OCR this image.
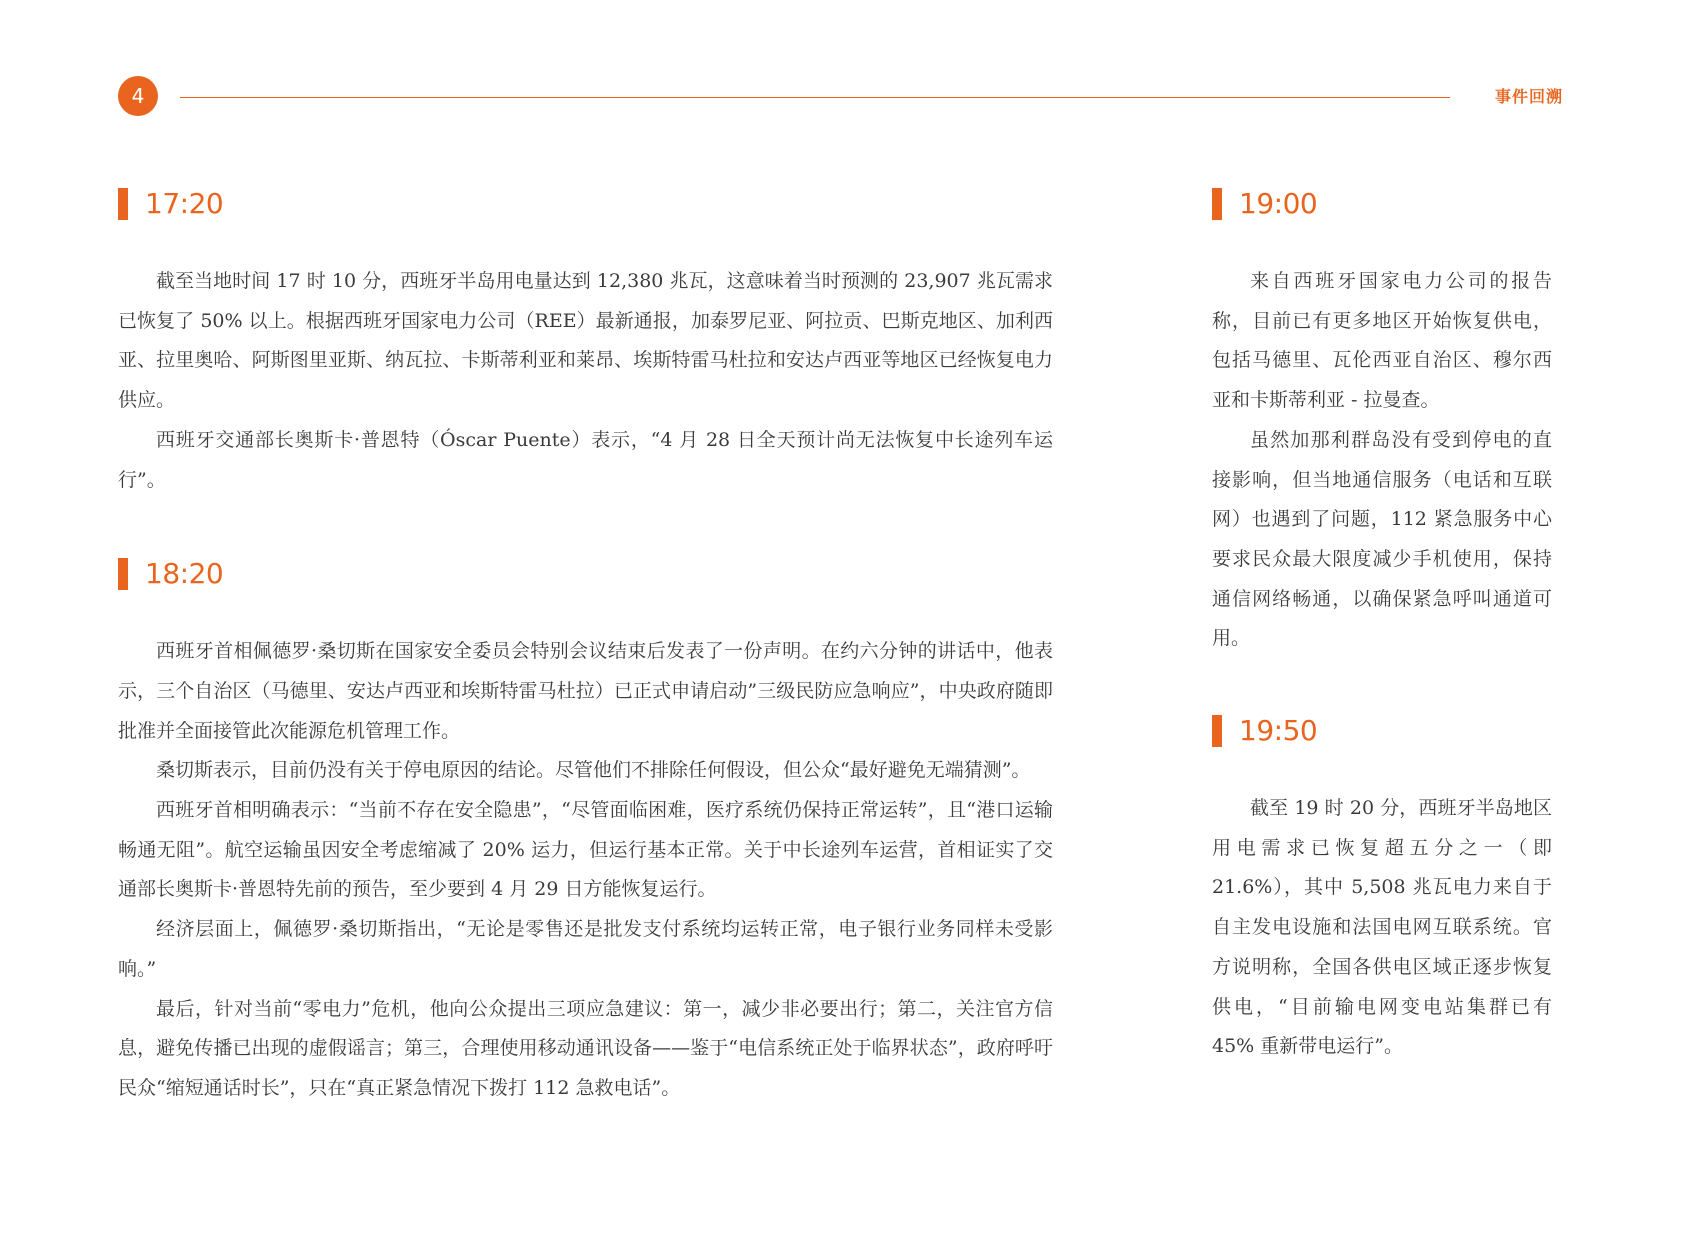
4	事件回溯
17:20

截至当地时间 17 时 10 分，西班牙半岛用电量达到 12,380 兆瓦，这意味着当时预测的 23,907 兆瓦需求已恢复了 50% 以上。根据西班牙国家电力公司（REE）最新通报，加泰罗尼亚、阿拉贡、巴斯克地区、加利西亚、拉里奥哈、阿斯图里亚斯、纳瓦拉、卡斯蒂利亚和莱昂、埃斯特雷马杜拉和安达卢西亚等地区已经恢复电力供应。

西班牙交通部长奥斯卡·普恩特（Óscar Puente）表示，“4 月 28 日全天预计尚无法恢复中长途列车运行”。

18:20

西班牙首相佩德罗·桑切斯在国家安全委员会特别会议结束后发表了一份声明。在约六分钟的讲话中，他表示，三个自治区（马德里、安达卢西亚和埃斯特雷马杜拉）已正式申请启动”三级民防应急响应”，中央政府随即批准并全面接管此次能源危机管理工作。

桑切斯表示，目前仍没有关于停电原因的结论。尽管他们不排除任何假设，但公众“最好避免无端猜测”。

西班牙首相明确表示：“当前不存在安全隐患”，“尽管面临困难，医疗系统仍保持正常运转”，且“港口运输畅通无阻”。航空运输虽因安全考虑缩减了 20% 运力，但运行基本正常。关于中长途列车运营，首相证实了交通部长奥斯卡·普恩特先前的预告，至少要到 4 月 29 日方能恢复运行。

经济层面上，佩德罗·桑切斯指出，“无论是零售还是批发支付系统均运转正常，电子银行业务同样未受影响。”

最后，针对当前“零电力”危机，他向公众提出三项应急建议：第一，减少非必要出行；第二，关注官方信息，避免传播已出现的虚假谣言；第三，合理使用移动通讯设备——鉴于“电信系统正处于临界状态”，政府呼吁民众“缩短通话时长”，只在“真正紧急情况下拨打 112 急救电话”。

19:00

来自西班牙国家电力公司的报告称，目前已有更多地区开始恢复供电，包括马德里、瓦伦西亚自治区、穆尔西亚和卡斯蒂利亚 - 拉曼查。

虽然加那利群岛没有受到停电的直接影响，但当地通信服务（电话和互联网）也遇到了问题，112 紧急服务中心要求民众最大限度减少手机使用，保持通信网络畅通，以确保紧急呼叫通道可用。

19:50

截至 19 时 20 分，西班牙半岛地区用电需求已恢复超五分之一（即 21.6%），其中 5,508 兆瓦电力来自于自主发电设施和法国电网互联系统。官方说明称，全国各供电区域正逐步恢复供电，“目前输电网变电站集群已有 45% 重新带电运行”。
